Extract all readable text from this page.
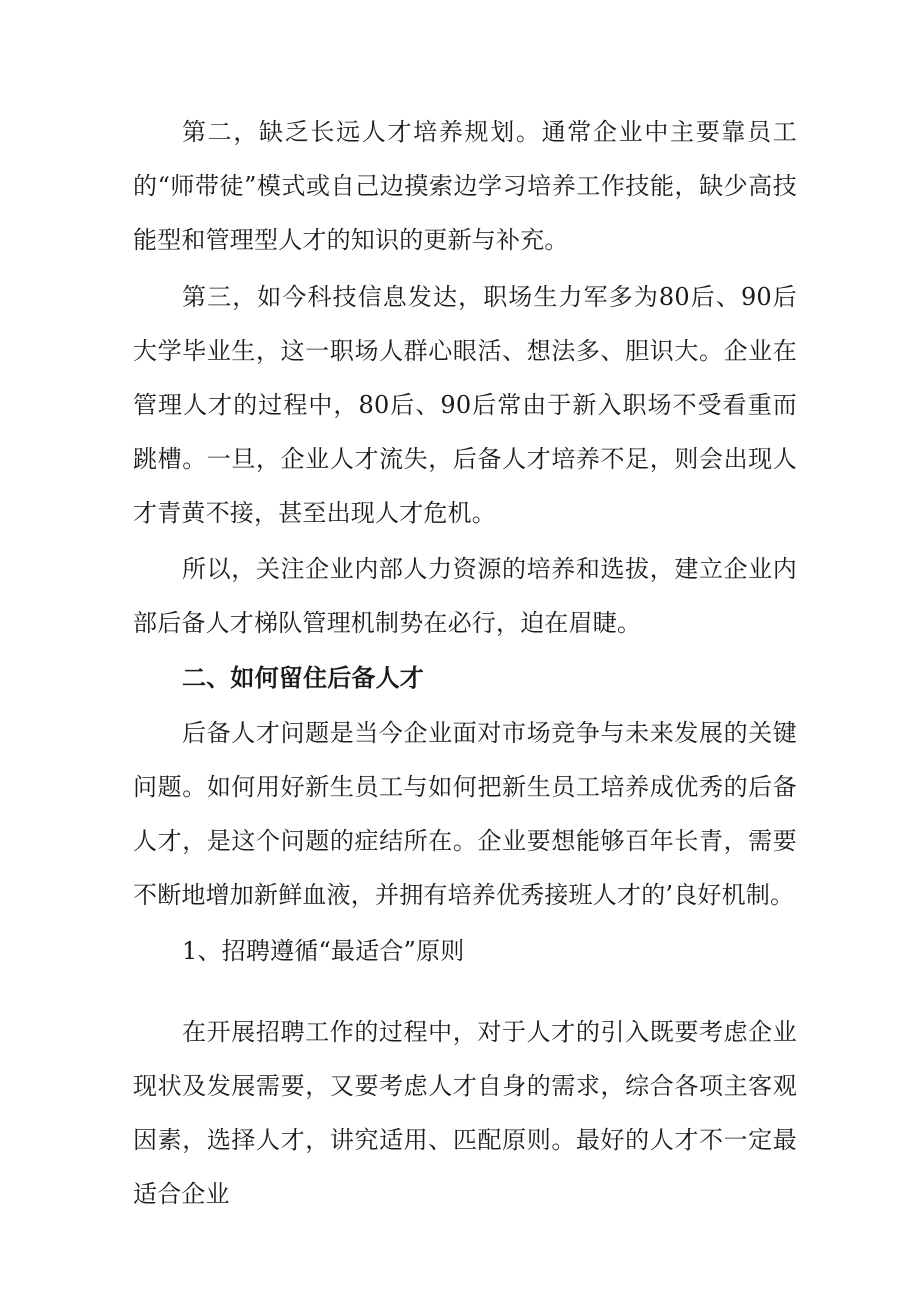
第二，缺乏长远人才培养规划。通常企业中主要靠员工的“师带徒”模式或自己边摸索边学习培养工作技能，缺少高技能型和管理型人才的知识的更新与补充。

第三，如今科技信息发达，职场生力军多为80后、90后大学毕业生，这一职场人群心眼活、想法多、胆识大。企业在管理人才的过程中，80后、90后常由于新入职场不受看重而跳槽。一旦，企业人才流失，后备人才培养不足，则会出现人才青黄不接，甚至出现人才危机。

所以，关注企业内部人力资源的培养和选拔，建立企业内部后备人才梯队管理机制势在必行，迫在眉睫。

二、如何留住后备人才

后备人才问题是当今企业面对市场竞争与未来发展的关键问题。如何用好新生员工与如何把新生员工培养成优秀的后备人才，是这个问题的症结所在。企业要想能够百年长青，需要不断地增加新鲜血液，并拥有培养优秀接班人才的’良好机制。

1、招聘遵循“最适合”原则

在开展招聘工作的过程中，对于人才的引入既要考虑企业现状及发展需要，又要考虑人才自身的需求，综合各项主客观因素，选择人才，讲究适用、匹配原则。最好的人才不一定最适合企业
